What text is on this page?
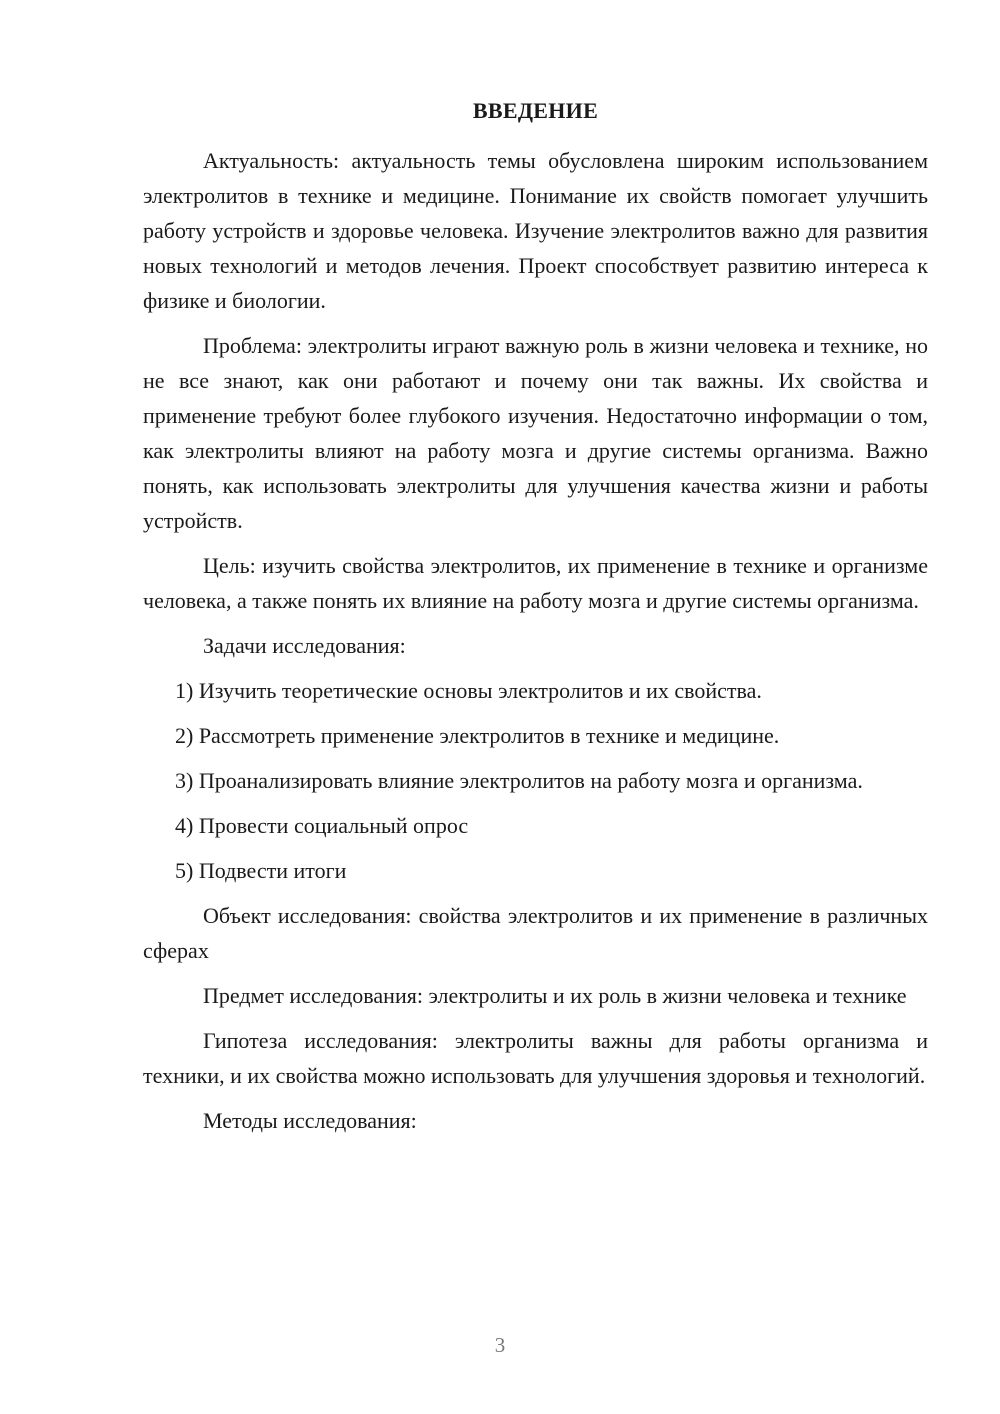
ВВЕДЕНИЕ

Актуальность: актуальность темы обусловлена широким использованием электролитов в технике и медицине. Понимание их свойств помогает улучшить работу устройств и здоровье человека. Изучение электролитов важно для развития новых технологий и методов лечения. Проект способствует развитию интереса к физике и биологии.

Проблема: электролиты играют важную роль в жизни человека и технике, но не все знают, как они работают и почему они так важны. Их свойства и применение требуют более глубокого изучения. Недостаточно информации о том, как электролиты влияют на работу мозга и другие системы организма. Важно понять, как использовать электролиты для улучшения качества жизни и работы устройств.

Цель: изучить свойства электролитов, их применение в технике и организме человека, а также понять их влияние на работу мозга и другие системы организма.

Задачи исследования:

1) Изучить теоретические основы электролитов и их свойства.

2) Рассмотреть применение электролитов в технике и медицине.

3) Проанализировать влияние электролитов на работу мозга и организма.

4) Провести социальный опрос

5) Подвести итоги

Объект исследования: свойства электролитов и их применение в различных сферах

Предмет исследования: электролиты и их роль в жизни человека и технике

Гипотеза исследования: электролиты важны для работы организма и техники, и их свойства можно использовать для улучшения здоровья и технологий.

Методы исследования:

3
